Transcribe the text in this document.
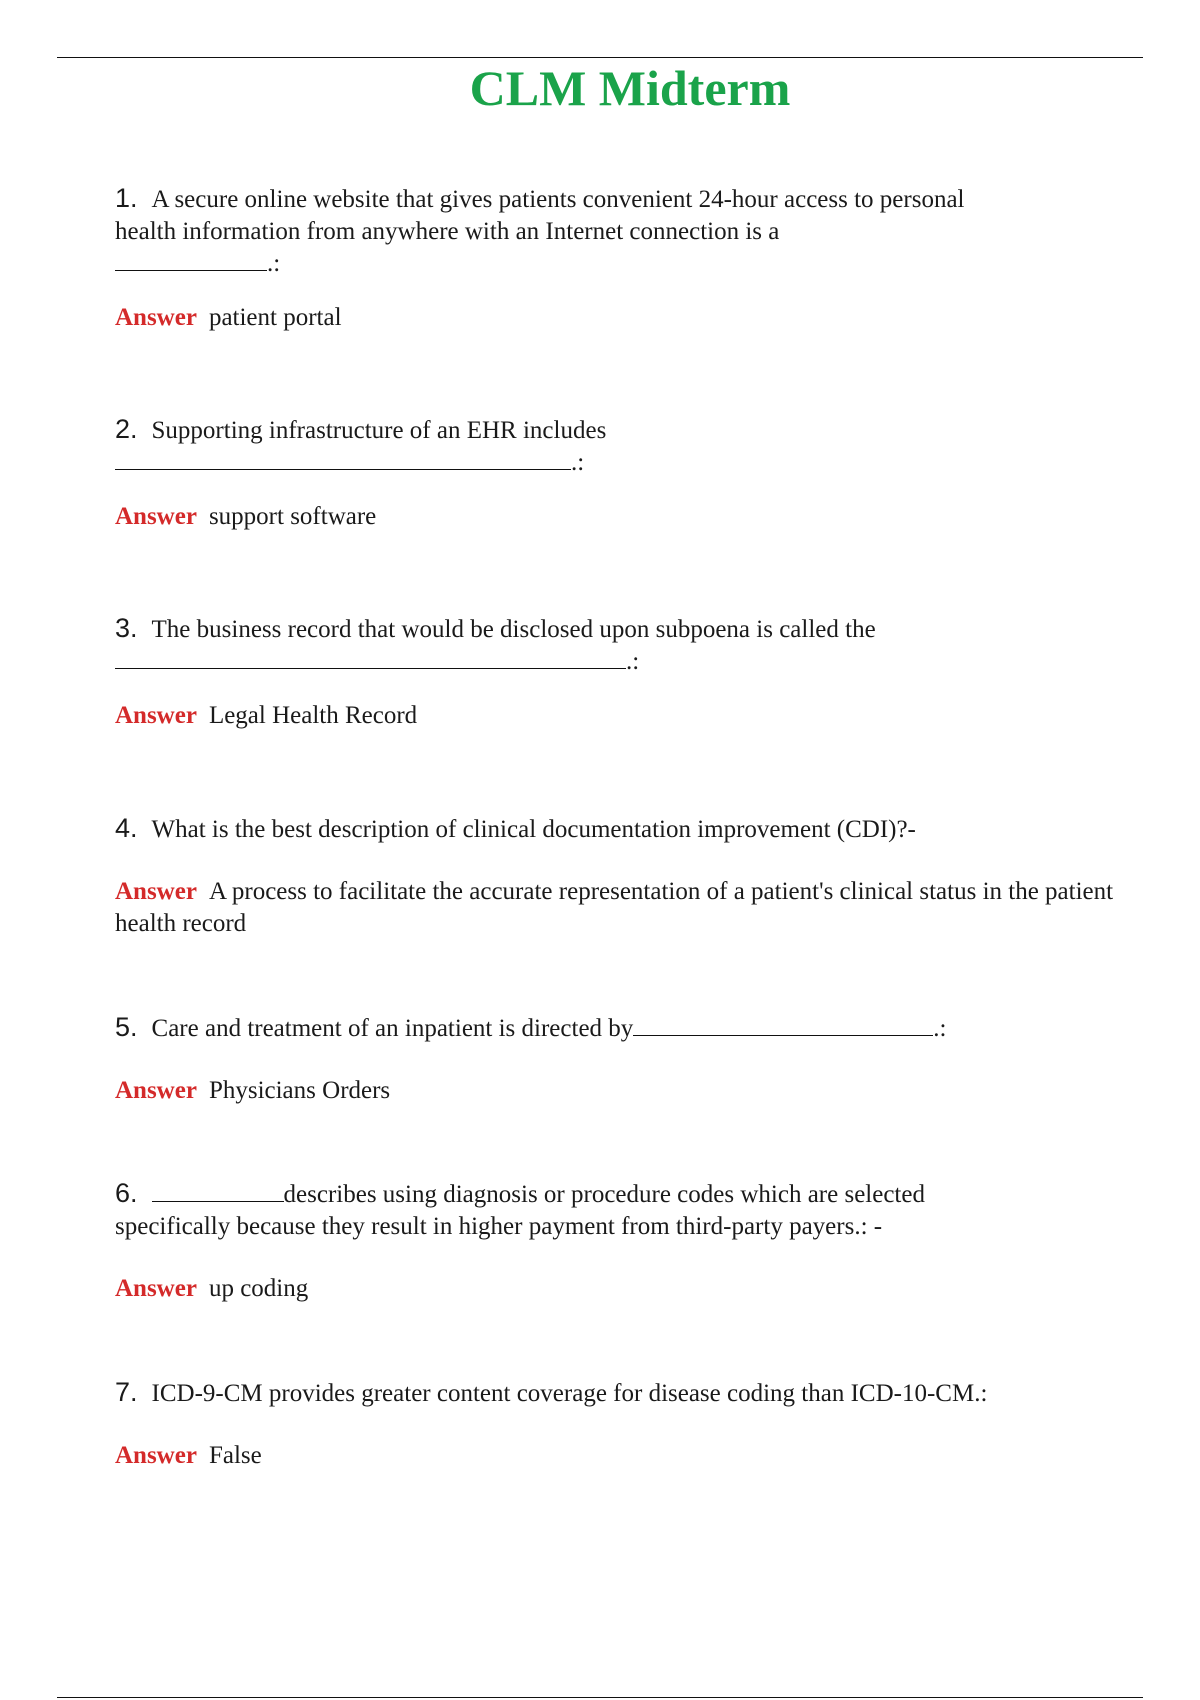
CLM Midterm

1. A secure online website that gives patients convenient 24-hour access to personal
health information from anywhere with an Internet connection is a
.:

Answer patient portal

2. Supporting infrastructure of an EHR includes
.:

Answer support software

3. The business record that would be disclosed upon subpoena is called the
.:

Answer Legal Health Record

4. What is the best description of clinical documentation improvement (CDI)?-

Answer A process to facilitate the accurate representation of a patient's clinical status in the patient health record

5. Care and treatment of an inpatient is directed by	.:

Answer Physicians Orders

6.	describes using diagnosis or procedure codes which are selected
specifically because they result in higher payment from third-party payers.: -

Answer up coding

7. ICD-9-CM provides greater content coverage for disease coding than ICD-10-CM.:

Answer False
